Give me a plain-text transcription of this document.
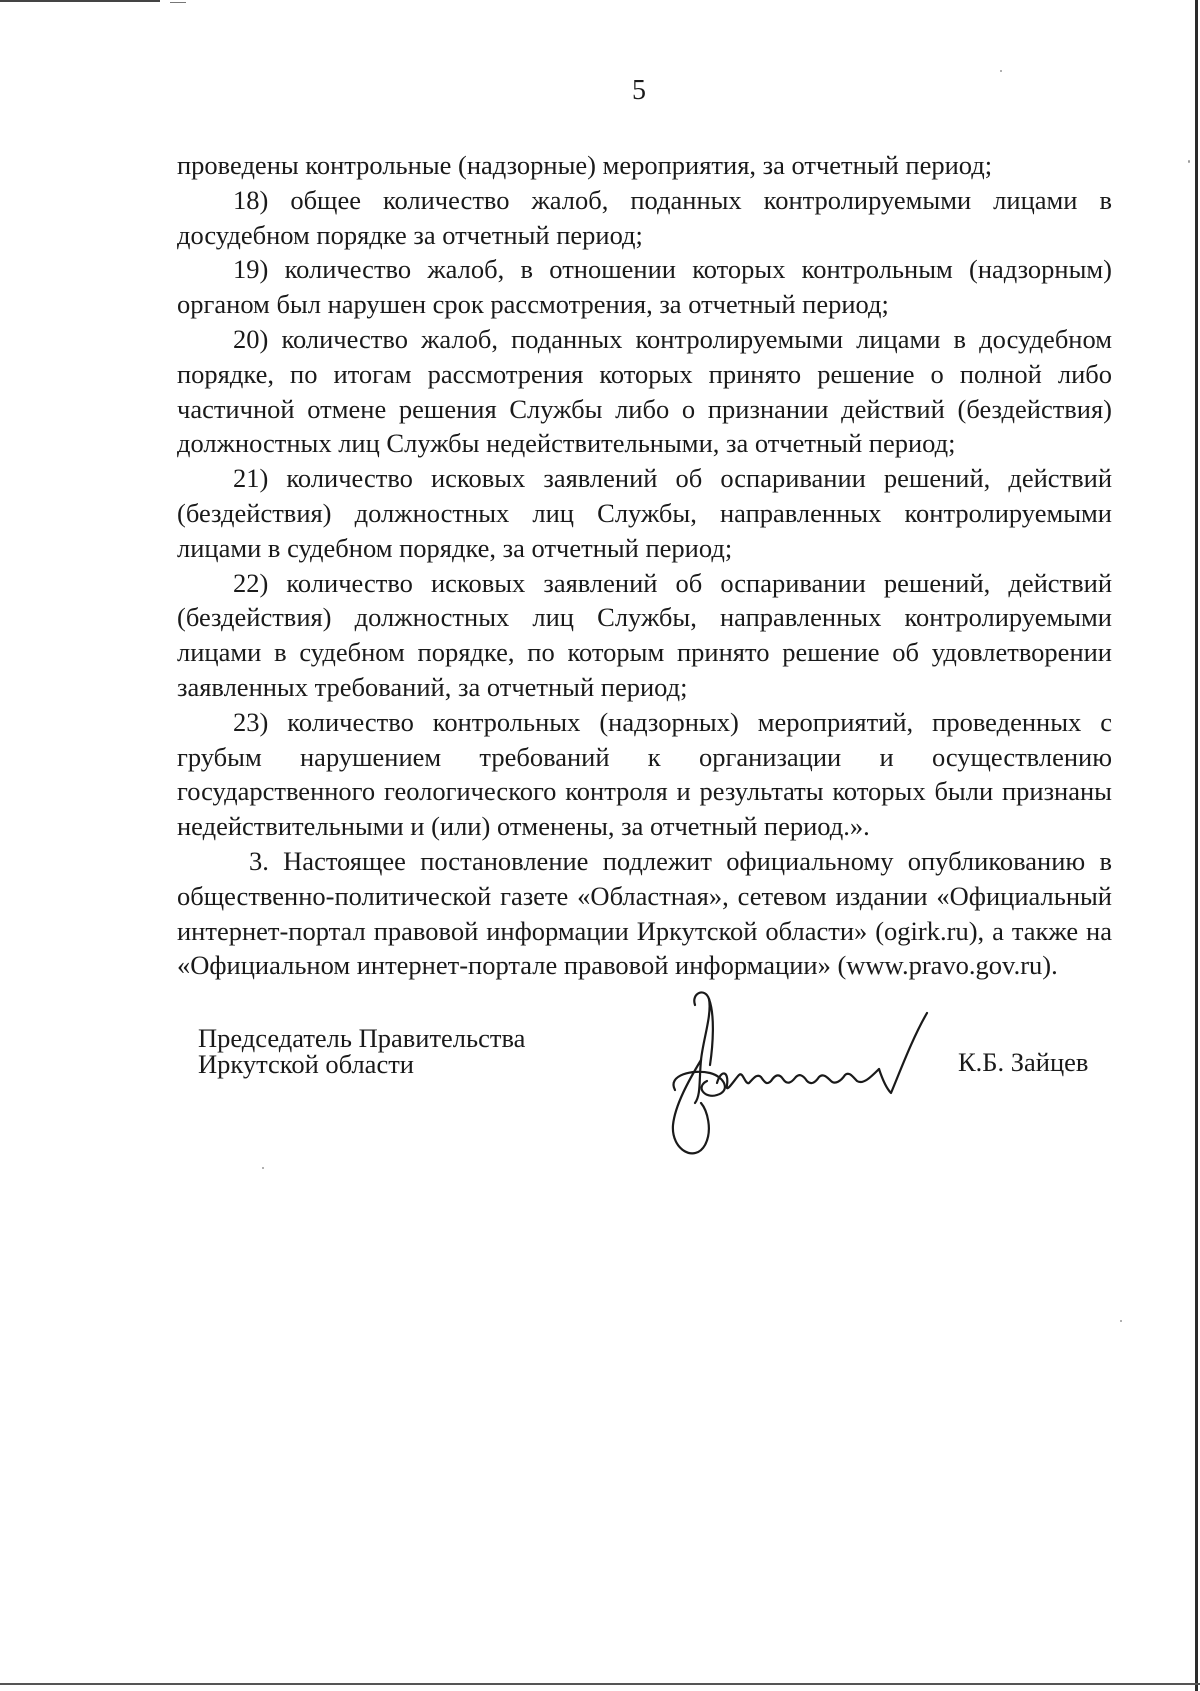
5

проведены контрольные (надзорные) мероприятия, за отчетный период;

18) общее количество жалоб, поданных контролируемыми лицами в досудебном порядке за отчетный период;

19) количество жалоб, в отношении которых контрольным (надзорным) органом был нарушен срок рассмотрения, за отчетный период;

20) количество жалоб, поданных контролируемыми лицами в досудебном порядке, по итогам рассмотрения которых принято решение о полной либо частичной отмене решения Службы либо о признании действий (бездействия) должностных лиц Службы недействительными, за отчетный период;

21) количество исковых заявлений об оспаривании решений, действий (бездействия) должностных лиц Службы, направленных контролируемыми лицами в судебном порядке, за отчетный период;

22) количество исковых заявлений об оспаривании решений, действий (бездействия) должностных лиц Службы, направленных контролируемыми лицами в судебном порядке, по которым принято решение об удовлетворении заявленных требований, за отчетный период;

23) количество контрольных (надзорных) мероприятий, проведенных с грубым нарушением требований к организации и осуществлению государственного геологического контроля и результаты которых были признаны недействительными и (или) отменены, за отчетный период.».

3. Настоящее постановление подлежит официальному опубликованию в общественно-политической газете «Областная», сетевом издании «Официальный интернет-портал правовой информации Иркутской области» (ogirk.ru), а также на «Официальном интернет-портале правовой информации» (www.pravo.gov.ru).

Председатель Правительства
Иркутской области	К.Б. Зайцев
